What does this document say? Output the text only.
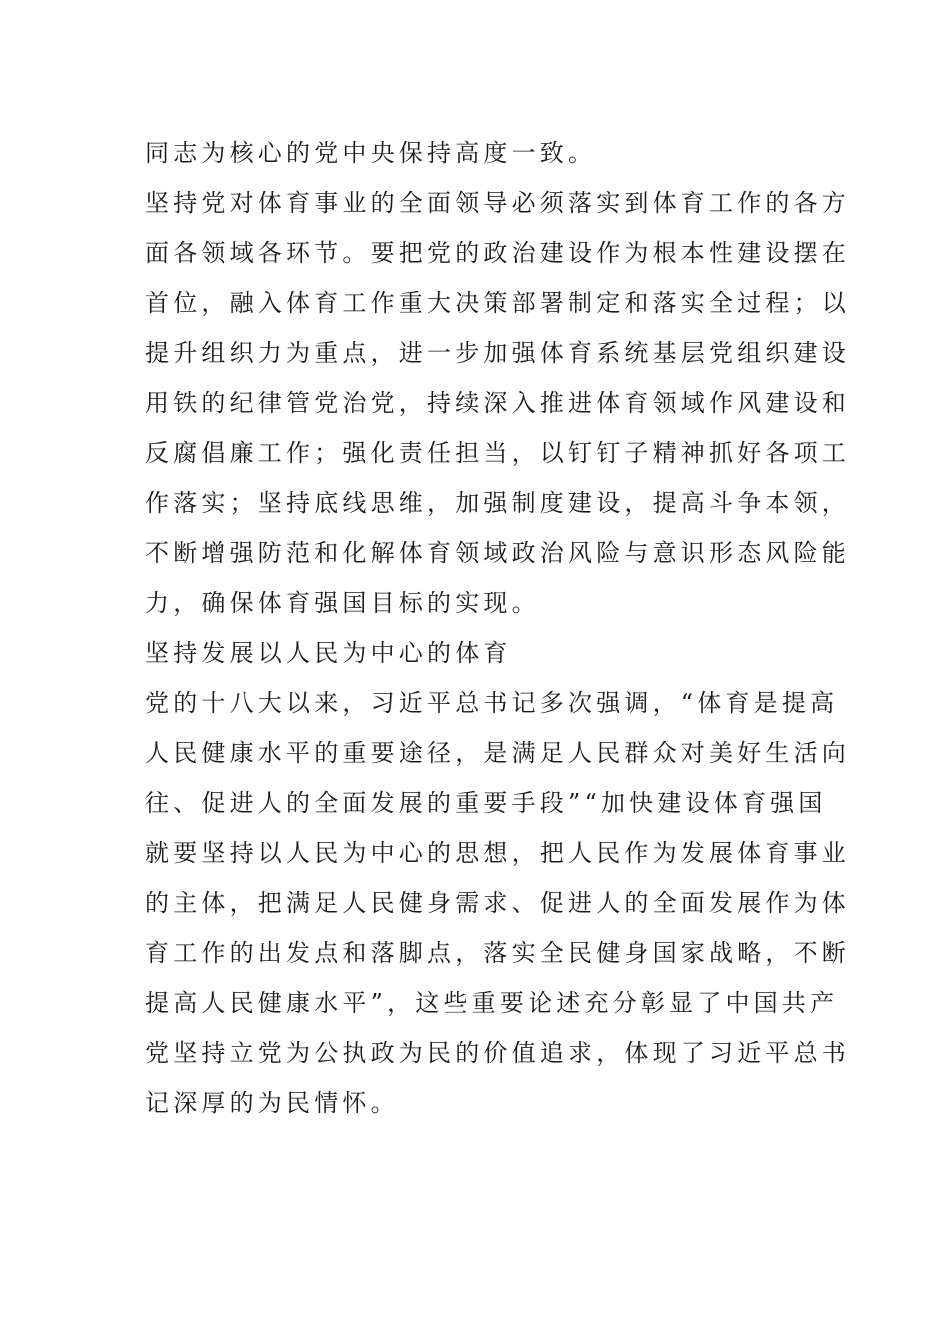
同志为核心的党中央保持高度一致。
坚持党对体育事业的全面领导必须落实到体育工作的各方
面各领域各环节。要把党的政治建设作为根本性建设摆在
首位，融入体育工作重大决策部署制定和落实全过程；以
提升组织力为重点，进一步加强体育系统基层党组织建设
用铁的纪律管党治党，持续深入推进体育领域作风建设和
反腐倡廉工作；强化责任担当，以钉钉子精神抓好各项工
作落实；坚持底线思维，加强制度建设，提高斗争本领，
不断增强防范和化解体育领域政治风险与意识形态风险能
力，确保体育强国目标的实现。
坚持发展以人民为中心的体育
党的十八大以来，习近平总书记多次强调，“体育是提高
人民健康水平的重要途径，是满足人民群众对美好生活向
往、促进人的全面发展的重要手段”“加快建设体育强国
就要坚持以人民为中心的思想，把人民作为发展体育事业
的主体，把满足人民健身需求、促进人的全面发展作为体
育工作的出发点和落脚点，落实全民健身国家战略，不断
提高人民健康水平”，这些重要论述充分彰显了中国共产
党坚持立党为公执政为民的价值追求，体现了习近平总书
记深厚的为民情怀。
